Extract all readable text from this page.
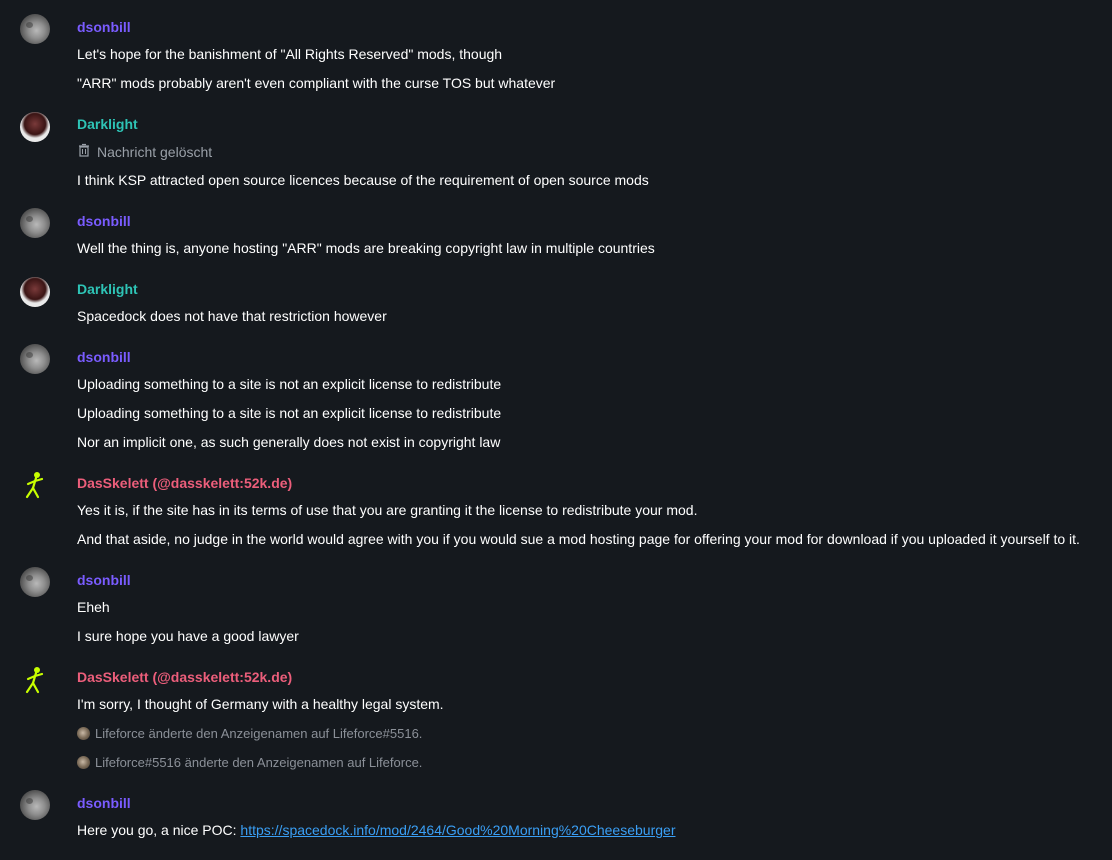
dsonbill
Let's hope for the banishment of "All Rights Reserved" mods, though
"ARR" mods probably aren't even compliant with the curse TOS but whatever
Darklight
Nachricht gelöscht
I think KSP attracted open source licences because of the requirement of open source mods
dsonbill
Well the thing is, anyone hosting "ARR" mods are breaking copyright law in multiple countries
Darklight
Spacedock does not have that restriction however
dsonbill
Uploading something to a site is not an explicit license to redistribute
Uploading something to a site is not an explicit license to redistribute
Nor an implicit one, as such generally does not exist in copyright law
DasSkelett (@dasskelett:52k.de)
Yes it is, if the site has in its terms of use that you are granting it the license to redistribute your mod.
And that aside, no judge in the world would agree with you if you would sue a mod hosting page for offering your mod for download if you uploaded it yourself to it.
dsonbill
Eheh
I sure hope you have a good lawyer
DasSkelett (@dasskelett:52k.de)
I'm sorry, I thought of Germany with a healthy legal system.
Lifeforce änderte den Anzeigenamen auf Lifeforce#5516.
Lifeforce#5516 änderte den Anzeigenamen auf Lifeforce.
dsonbill
Here you go, a nice POC: https://spacedock.info/mod/2464/Good%20Morning%20Cheeseburger
